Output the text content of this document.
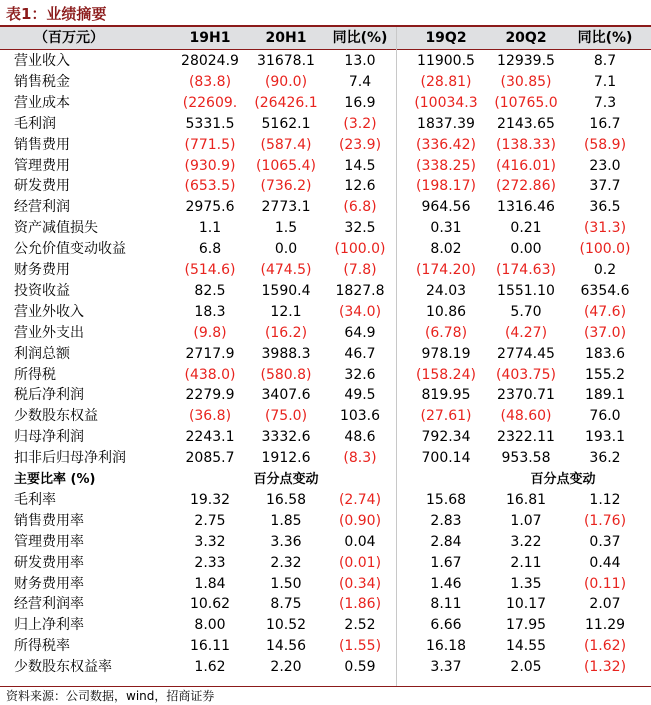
表1：业绩摘要
（百万元）	19H1	20H1	同比(%)	19Q2	20Q2	同比(%)
营业收入	28024.9	31678.1	13.0	11900.5	12939.5	8.7
销售税金	(83.8)	(90.0)	7.4	(28.81)	(30.85)	7.1
营业成本	(22609.	(26426.1	16.9	(10034.3	(10765.0	7.3
毛利润	5331.5	5162.1	(3.2)	1837.39	2143.65	16.7
销售费用	(771.5)	(587.4)	(23.9)	(336.42)	(138.33)	(58.9)
管理费用	(930.9)	(1065.4)	14.5	(338.25)	(416.01)	23.0
研发费用	(653.5)	(736.2)	12.6	(198.17)	(272.86)	37.7
经营利润	2975.6	2773.1	(6.8)	964.56	1316.46	36.5
资产减值损失	1.1	1.5	32.5	0.31	0.21	(31.3)
公允价值变动收益	6.8	0.0	(100.0)	8.02	0.00	(100.0)
财务费用	(514.6)	(474.5)	(7.8)	(174.20)	(174.63)	0.2
投资收益	82.5	1590.4	1827.8	24.03	1551.10	6354.6
营业外收入	18.3	12.1	(34.0)	10.86	5.70	(47.6)
营业外支出	(9.8)	(16.2)	64.9	(6.78)	(4.27)	(37.0)
利润总额	2717.9	3988.3	46.7	978.19	2774.45	183.6
所得税	(438.0)	(580.8)	32.6	(158.24)	(403.75)	155.2
税后净利润	2279.9	3407.6	49.5	819.95	2370.71	189.1
少数股东权益	(36.8)	(75.0)	103.6	(27.61)	(48.60)	76.0
归母净利润	2243.1	3332.6	48.6	792.34	2322.11	193.1
扣非后归母净利润	2085.7	1912.6	(8.3)	700.14	953.58	36.2
主要比率 (%)	百分点变动	百分点变动
毛利率	19.32	16.58	(2.74)	15.68	16.81	1.12
销售费用率	2.75	1.85	(0.90)	2.83	1.07	(1.76)
管理费用率	3.32	3.36	0.04	2.84	3.22	0.37
研发费用率	2.33	2.32	(0.01)	1.67	2.11	0.44
财务费用率	1.84	1.50	(0.34)	1.46	1.35	(0.11)
经营利润率	10.62	8.75	(1.86)	8.11	10.17	2.07
归上净利率	8.00	10.52	2.52	6.66	17.95	11.29
所得税率	16.11	14.56	(1.55)	16.18	14.55	(1.62)
少数股东权益率	1.62	2.20	0.59	3.37	2.05	(1.32)
资料来源：公司数据，wind，招商证券
